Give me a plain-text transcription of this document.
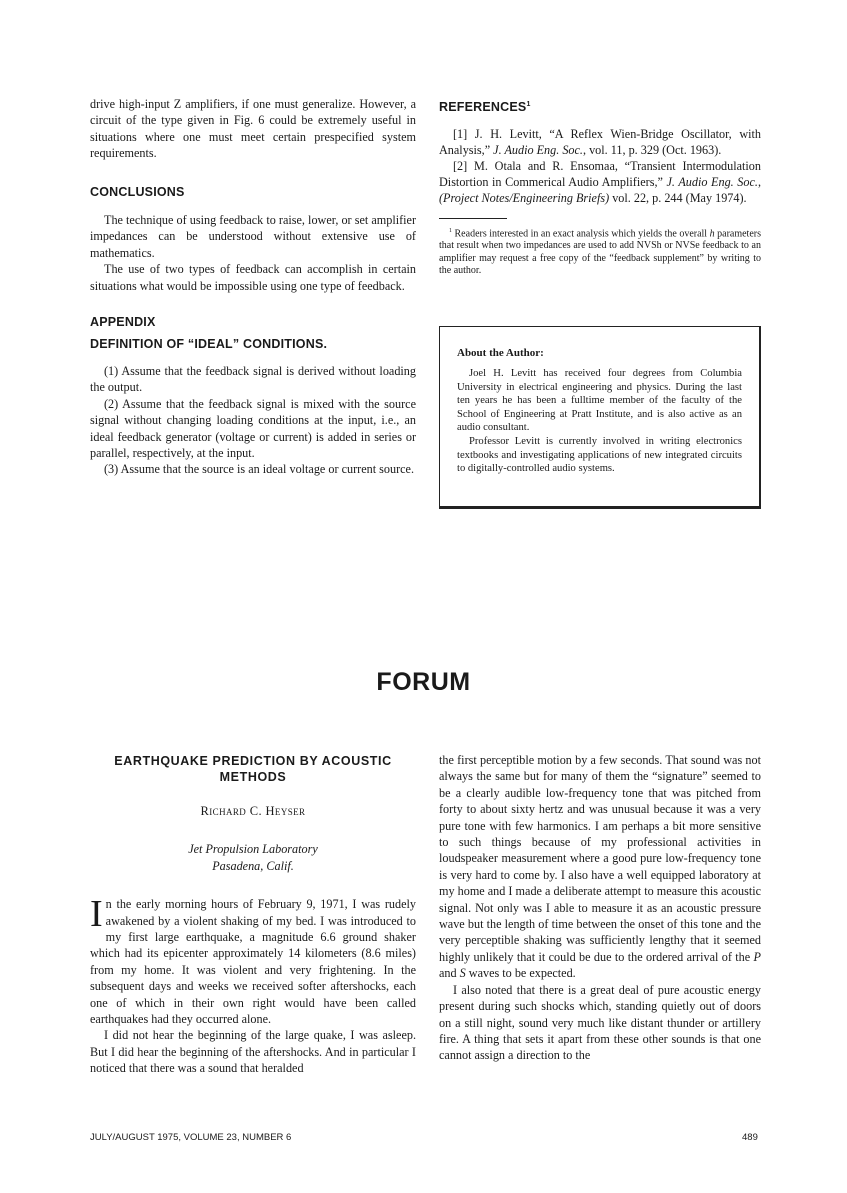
drive high-input Z amplifiers, if one must generalize. However, a circuit of the type given in Fig. 6 could be extremely useful in situations where one must meet certain prespecified system requirements.

CONCLUSIONS

The technique of using feedback to raise, lower, or set amplifier impedances can be understood without extensive use of mathematics.

The use of two types of feedback can accomplish in certain situations what would be impossible using one type of feedback.

APPENDIX
DEFINITION OF “IDEAL” CONDITIONS.

(1) Assume that the feedback signal is derived without loading the output.

(2) Assume that the feedback signal is mixed with the source signal without changing loading conditions at the input, i.e., an ideal feedback generator (voltage or current) is added in series or parallel, respectively, at the input.

(3) Assume that the source is an ideal voltage or current source.

REFERENCES$^1$

[1] J. H. Levitt, “A Reflex Wien-Bridge Oscillator, with Analysis,” J. Audio Eng. Soc., vol. 11, p. 329 (Oct. 1963).

[2] M. Otala and R. Ensomaa, “Transient Intermodulation Distortion in Commerical Audio Amplifiers,” J. Audio Eng. Soc., (Project Notes/Engineering Briefs) vol. 22, p. 244 (May 1974).

$^1$ Readers interested in an exact analysis which yields the overall h parameters that result when two impedances are used to add NVSh or NVSe feedback to an amplifier may request a free copy of the “feedback supplement” by writing to the author.

About the Author:

Joel H. Levitt has received four degrees from Columbia University in electrical engineering and physics. During the last ten years he has been a fulltime member of the faculty of the School of Engineering at Pratt Institute, and is also active as an audio consultant.

Professor Levitt is currently involved in writing electronics textbooks and investigating applications of new integrated circuits to digitally-controlled audio systems.

FORUM

EARTHQUAKE PREDICTION BY ACOUSTIC METHODS

Richard C. Heyser

Jet Propulsion Laboratory

Pasadena, Calif.

In the early morning hours of February 9, 1971, I was rudely awakened by a violent shaking of my bed. I was introduced to my first large earthquake, a magnitude 6.6 ground shaker which had its epicenter approximately 14 kilometers (8.6 miles) from my home. It was violent and very frightening. In the subsequent days and weeks we received softer aftershocks, each one of which in their own right would have been called earthquakes had they occurred alone.

I did not hear the beginning of the large quake, I was asleep. But I did hear the beginning of the aftershocks. And in particular I noticed that there was a sound that heralded

the first perceptible motion by a few seconds. That sound was not always the same but for many of them the “signature” seemed to be a clearly audible low-frequency tone that was pitched from forty to about sixty hertz and was unusual because it was a very pure tone with few harmonics. I am perhaps a bit more sensitive to such things because of my professional activities in loudspeaker measurement where a good pure low-frequency tone is very hard to come by. I also have a well equipped laboratory at my home and I made a deliberate attempt to measure this acoustic signal. Not only was I able to measure it as an acoustic pressure wave but the length of time between the onset of this tone and the very perceptible shaking was sufficiently lengthy that it seemed highly unlikely that it could be due to the ordered arrival of the P and S waves to be expected.

I also noted that there is a great deal of pure acoustic energy present during such shocks which, standing quietly out of doors on a still night, sound very much like distant thunder or artillery fire. A thing that sets it apart from these other sounds is that one cannot assign a direction to the

JULY/AUGUST 1975, VOLUME 23, NUMBER 6	489
